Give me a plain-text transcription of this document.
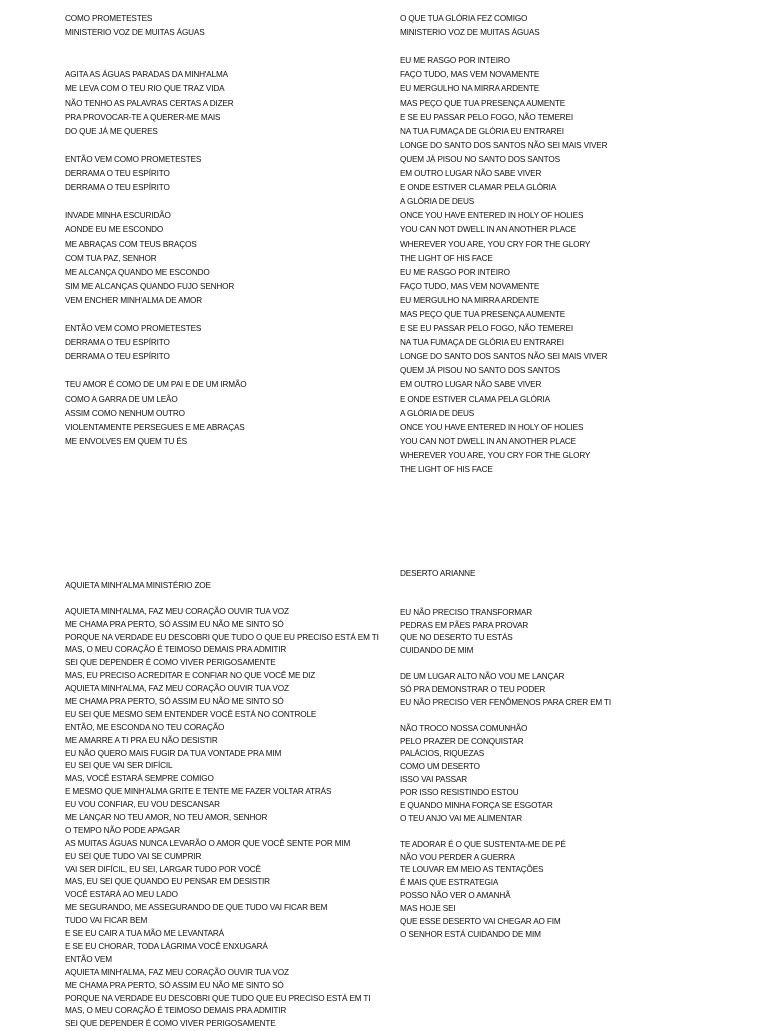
COMO PROMETESTES
MINISTERIO VOZ DE MUITAS ÁGUAS
AGITA AS ÁGUAS PARADAS DA MINH'ALMA
ME LEVA COM O TEU RIO QUE TRAZ VIDA
NÃO TENHO AS PALAVRAS CERTAS A DIZER
PRA PROVOCAR-TE A QUERER-ME MAIS
DO QUE JÁ ME QUERES
ENTÃO VEM COMO PROMETESTES
DERRAMA O TEU ESPÍRITO
DERRAMA O TEU ESPÍRITO
INVADE MINHA ESCURIDÃO
AONDE EU ME ESCONDO
ME ABRAÇAS COM TEUS BRAÇOS
COM TUA PAZ, SENHOR
ME ALCANÇA QUANDO ME ESCONDO
SIM ME ALCANÇAS QUANDO FUJO SENHOR
VEM ENCHER MINH'ALMA DE AMOR
ENTÃO VEM COMO PROMETESTES
DERRAMA O TEU ESPÍRITO
DERRAMA O TEU ESPÍRITO
TEU AMOR É COMO DE UM PAI E DE UM IRMÃO
COMO A GARRA DE UM LEÃO
ASSIM COMO NENHUM OUTRO
VIOLENTAMENTE PERSEGUES E ME ABRAÇAS
ME ENVOLVES EM QUEM TU ÉS
O QUE TUA GLÓRIA FEZ COMIGO
MINISTERIO VOZ DE MUITAS ÁGUAS
EU ME RASGO POR INTEIRO
FAÇO TUDO, MAS VEM NOVAMENTE
EU MERGULHO NA MIRRA ARDENTE
MAS PEÇO QUE TUA PRESENÇA AUMENTE
E SE EU PASSAR PELO FOGO, NÃO TEMEREI
NA TUA FUMAÇA DE GLÓRIA EU ENTRAREI
LONGE DO SANTO DOS SANTOS NÃO SEI MAIS VIVER
QUEM JÁ PISOU NO SANTO DOS SANTOS
EM OUTRO LUGAR NÃO SABE VIVER
E ONDE ESTIVER CLAMAR PELA GLÓRIA
A GLÓRIA DE DEUS
ONCE YOU HAVE ENTERED IN HOLY OF HOLIES
YOU CAN NOT DWELL IN AN ANOTHER PLACE
WHEREVER YOU ARE, YOU CRY FOR THE GLORY
THE LIGHT OF HIS FACE
EU ME RASGO POR INTEIRO
FAÇO TUDO, MAS VEM NOVAMENTE
EU MERGULHO NA MIRRA ARDENTE
MAS PEÇO QUE TUA PRESENÇA AUMENTE
E SE EU PASSAR PELO FOGO, NÃO TEMEREI
NA TUA FUMAÇA DE GLÓRIA EU ENTRAREI
LONGE DO SANTO DOS SANTOS NÃO SEI MAIS VIVER
QUEM JÁ PISOU NO SANTO DOS SANTOS
EM OUTRO LUGAR NÃO SABE VIVER
E ONDE ESTIVER CLAMA PELA GLÓRIA
A GLÓRIA DE DEUS
ONCE YOU HAVE ENTERED IN HOLY OF HOLIES
YOU CAN NOT DWELL IN AN ANOTHER PLACE
WHEREVER YOU ARE, YOU CRY FOR THE GLORY
THE LIGHT OF HIS FACE
AQUIETA MINH'ALMA MINISTÉRIO ZOE
AQUIETA MINH'ALMA, FAZ MEU CORAÇÃO OUVIR TUA VOZ
ME CHAMA PRA PERTO, SÓ ASSIM EU NÃO ME SINTO SÓ
PORQUE NA VERDADE EU DESCOBRI QUE TUDO O QUE EU PRECISO ESTÁ EM TI
MAS, O MEU CORAÇÃO É TEIMOSO DEMAIS PRA ADMITIR
SEI QUE DEPENDER É COMO VIVER PERIGOSAMENTE
MAS, EU PRECISO ACREDITAR E CONFIAR NO QUE VOCÊ ME DIZ
AQUIETA MINH'ALMA, FAZ MEU CORAÇÃO OUVIR TUA VOZ
ME CHAMA PRA PERTO, SÓ ASSIM EU NÃO ME SINTO SÓ
EU SEI QUE MESMO SEM ENTENDER VOCÊ ESTÁ NO CONTROLE
ENTÃO, ME ESCONDA NO TEU CORAÇÃO
ME AMARRE A TI PRA EU NÃO DESISTIR
EU NÃO QUERO MAIS FUGIR DA TUA VONTADE PRA MIM
EU SEI QUE VAI SER DIFÍCIL
MAS, VOCÊ ESTARÁ SEMPRE COMIGO
E MESMO QUE MINH'ALMA GRITE E TENTE ME FAZER VOLTAR ATRÁS
EU VOU CONFIAR, EU VOU DESCANSAR
ME LANÇAR NO TEU AMOR, NO TEU AMOR, SENHOR
O TEMPO NÃO PODE APAGAR
AS MUITAS ÁGUAS NUNCA LEVARÃO O AMOR QUE VOCÊ SENTE POR MIM
EU SEI QUE TUDO VAI SE CUMPRIR
VAI SER DIFÍCIL, EU SEI, LARGAR TUDO POR VOCÊ
MAS, EU SEI QUE QUANDO EU PENSAR EM DESISTIR
VOCÊ ESTARÁ AO MEU LADO
ME SEGURANDO, ME ASSEGURANDO DE QUE TUDO VAI FICAR BEM
TUDO VAI FICAR BEM
E SE EU CAIR A TUA MÃO ME LEVANTARÁ
E SE EU CHORAR, TODA LÁGRIMA VOCÊ ENXUGARÁ
ENTÃO VEM
AQUIETA MINH'ALMA, FAZ MEU CORAÇÃO OUVIR TUA VOZ
ME CHAMA PRA PERTO, SÓ ASSIM EU NÃO ME SINTO SÓ
PORQUE NA VERDADE EU DESCOBRI QUE TUDO QUE EU PRECISO ESTÁ EM TI
MAS, O MEU CORAÇÃO É TEIMOSO DEMAIS PRA ADMITIR
SEI QUE DEPENDER É COMO VIVER PERIGOSAMENTE
DESERTO ARIANNE
EU NÃO PRECISO TRANSFORMAR
PEDRAS EM PÃES PARA PROVAR
QUE NO DESERTO TU ESTÁS
CUIDANDO DE MIM
DE UM LUGAR ALTO NÃO VOU ME LANÇAR
SÓ PRA DEMONSTRAR O TEU PODER
EU NÃO PRECISO VER FENÔMENOS PARA CRER EM TI
NÃO TROCO NOSSA COMUNHÃO
PELO PRAZER DE CONQUISTAR
PALÁCIOS, RIQUEZAS
COMO UM DESERTO
ISSO VAI PASSAR
POR ISSO RESISTINDO ESTOU
E QUANDO MINHA FORÇA SE ESGOTAR
O TEU ANJO VAI ME ALIMENTAR
TE ADORAR É O QUE SUSTENTA-ME DE PÉ
NÃO VOU PERDER A GUERRA
TE LOUVAR EM MEIO AS TENTAÇÕES
É MAIS QUE ESTRATEGIA
POSSO NÃO VER O AMANHÃ
MAS HOJE SEI
QUE ESSE DESERTO VAI CHEGAR AO FIM
O SENHOR ESTÁ CUIDANDO DE MIM
